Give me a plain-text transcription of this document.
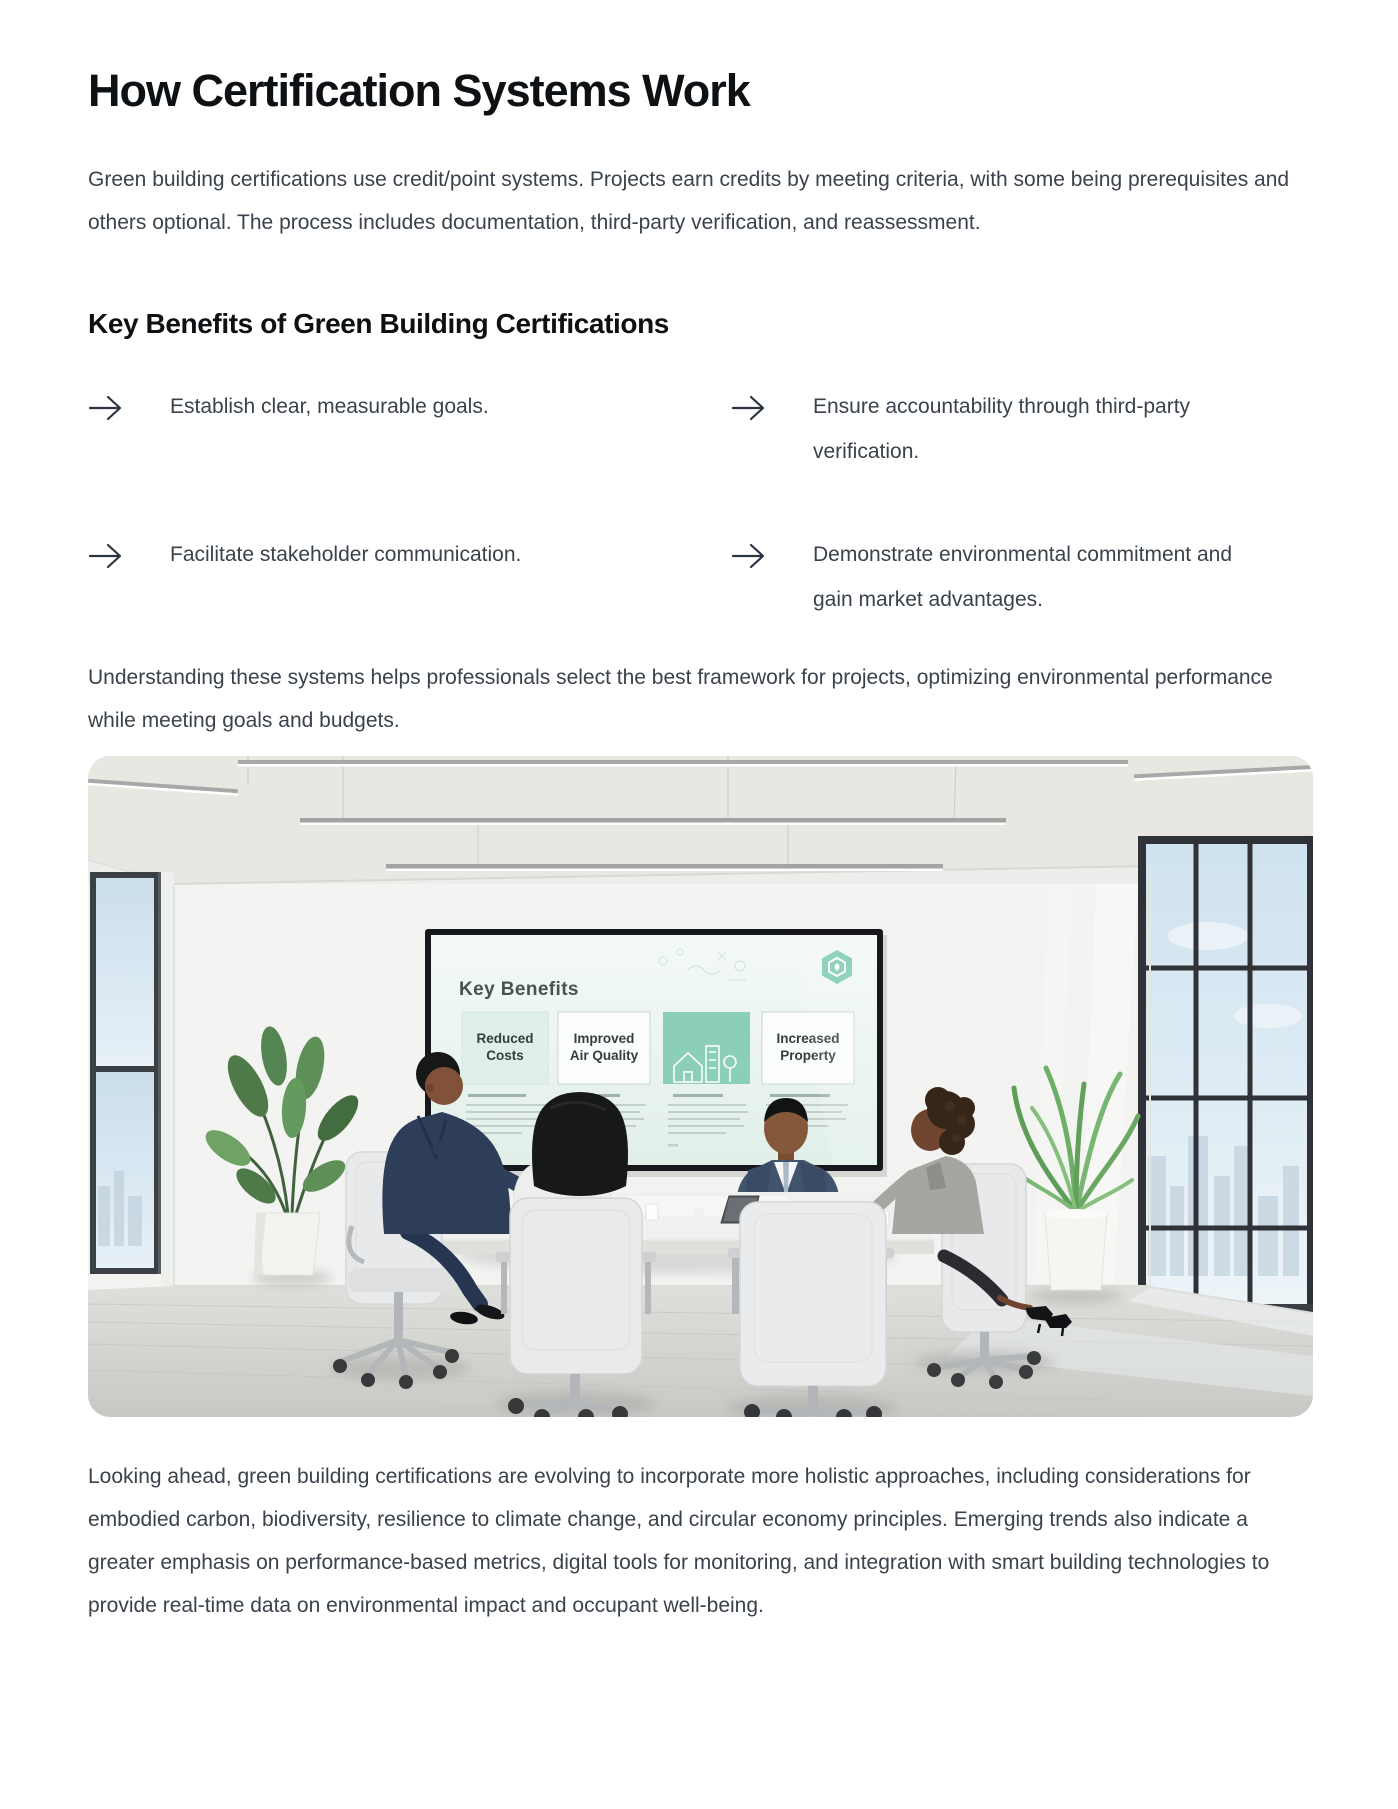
How Certification Systems Work

Green building certifications use credit/point systems. Projects earn credits by meeting criteria, with some being prerequisites and others optional. The process includes documentation, third-party verification, and reassessment.

Key Benefits of Green Building Certifications
Establish clear, measurable goals.	Ensure accountability through third-party verification.
Facilitate stakeholder communication.	Demonstrate environmental commitment and gain market advantages.

Understanding these systems helps professionals select the best framework for projects, optimizing environmental performance while meeting goals and budgets.

Key Benefits
Reduced
Costs
Improved
Air Quality
Increased
Property

Looking ahead, green building certifications are evolving to incorporate more holistic approaches, including considerations for embodied carbon, biodiversity, resilience to climate change, and circular economy principles. Emerging trends also indicate a greater emphasis on performance-based metrics, digital tools for monitoring, and integration with smart building technologies to provide real-time data on environmental impact and occupant well-being.
